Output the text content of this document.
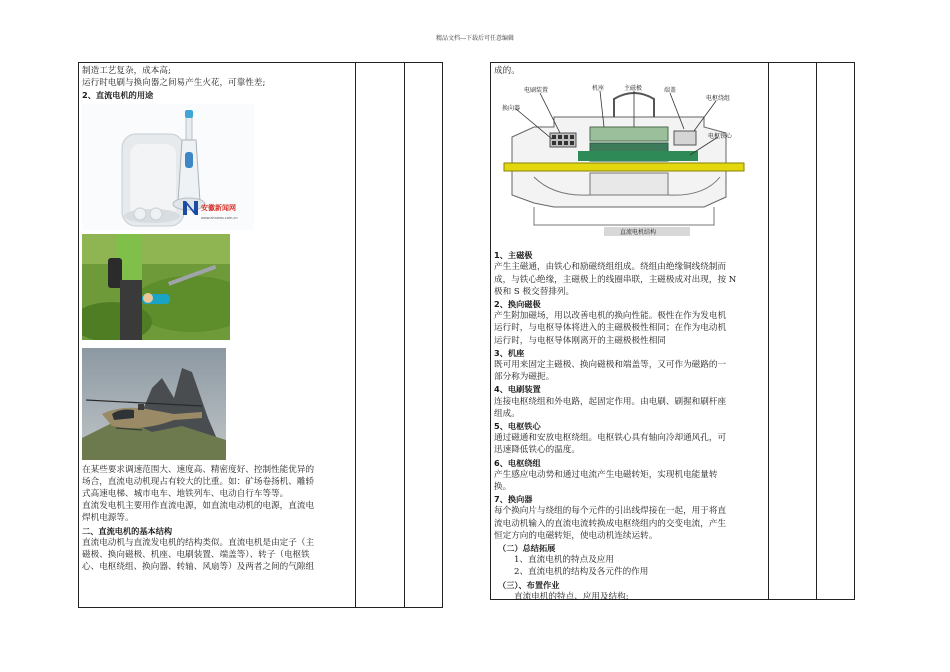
精品文档---下载后可任意编辑

制造工艺复杂，成本高;

运行时电刷与换向器之间易产生火花，可靠性差;

2、直流电机的用途

安徽新闻网
www.ahnews.com.cn

在某些要求调速范围大、速度高、精密度好、控制性能优异的

场合，直流电动机现占有较大的比重。如：矿场卷扬机、雕轿

式高速电梯、城市电车、地铁列车、电动自行车等等。

直流发电机主要用作直流电源，如直流电动机的电源，直流电

焊机电源等。

二、直流电机的基本结构

直流电动机与直流发电机的结构类似。直流电机是由定子（主

磁极、换向磁极、机座、电刷装置、端盖等）、转子（电枢铁

心、电枢绕组、换向器、转轴、风扇等）及两者之间的气隙组

成的。

电刷装置	机座	主磁极	端盖
电枢绕组
换向器
电枢铁心
直流电机结构

1、主磁极

产生主磁通，由铁心和励磁绕组组成。绕组由绝缘铜线绕制而

成，与铁心绝缘，主磁极上的线圈串联，主磁极成对出现，按 N

极和 S 极交替排列。

2、换向磁极

产生附加磁场，用以改善电机的换向性能。极性在作为发电机

运行时，与电枢导体将进入的主磁极极性相同；在作为电动机

运行时，与电枢导体刚离开的主磁极极性相同

3、机座

既可用来固定主磁极、换向磁极和端盖等，又可作为磁路的一

部分称为磁扼。

4、电刷装置

连接电枢绕组和外电路，起固定作用。由电刷、刷握和刷杆座

组成。

5、电枢铁心

通过磁通和安放电枢绕组。电枢铁心具有轴向冷却通风孔，可

迅速降低铁心的温度。

6、电枢绕组

产生感应电动势和通过电流产生电磁转矩，实现机电能量转

换。

7、换向器

每个换向片与绕组的每个元件的引出线焊接在一起，用于将直

流电动机输入的直流电流转换成电枢绕组内的交变电流，产生

恒定方向的电磁转矩，使电动机连续运转。

（二）总结拓展

1、直流电机的特点及应用

2、直流电机的结构及各元件的作用

（三）、布置作业

直流电机的特点、应用及结构;
